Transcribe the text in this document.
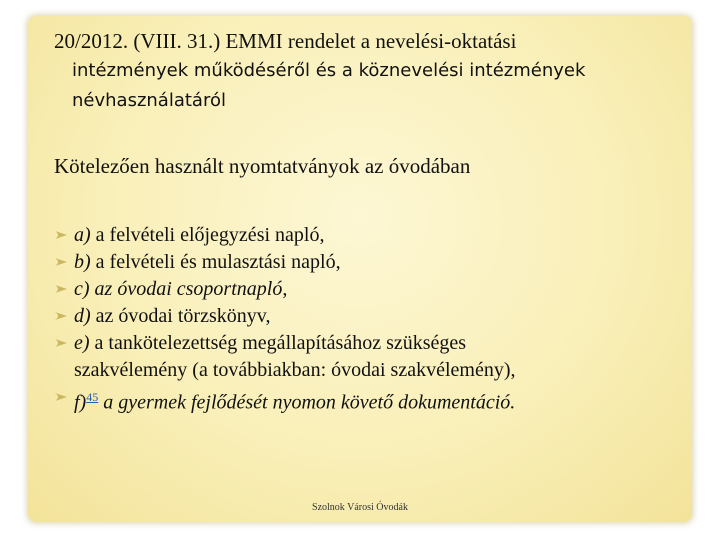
20/2012. (VIII. 31.) EMMI rendelet a nevelési-oktatási
intézmények működéséről és a köznevelési intézmények
névhasználatáról
Kötelezően használt nyomtatványok az óvodában
a) a felvételi előjegyzési napló,
b) a felvételi és mulasztási napló,
c) az óvodai csoportnapló,
d) az óvodai törzskönyv,
e) a tankötelezettség megállapításához szükséges
szakvélemény (a továbbiakban: óvodai szakvélemény),
f)$^{45}$ a gyermek fejlődését nyomon követő dokumentáció.
Szolnok Városi Óvodák
